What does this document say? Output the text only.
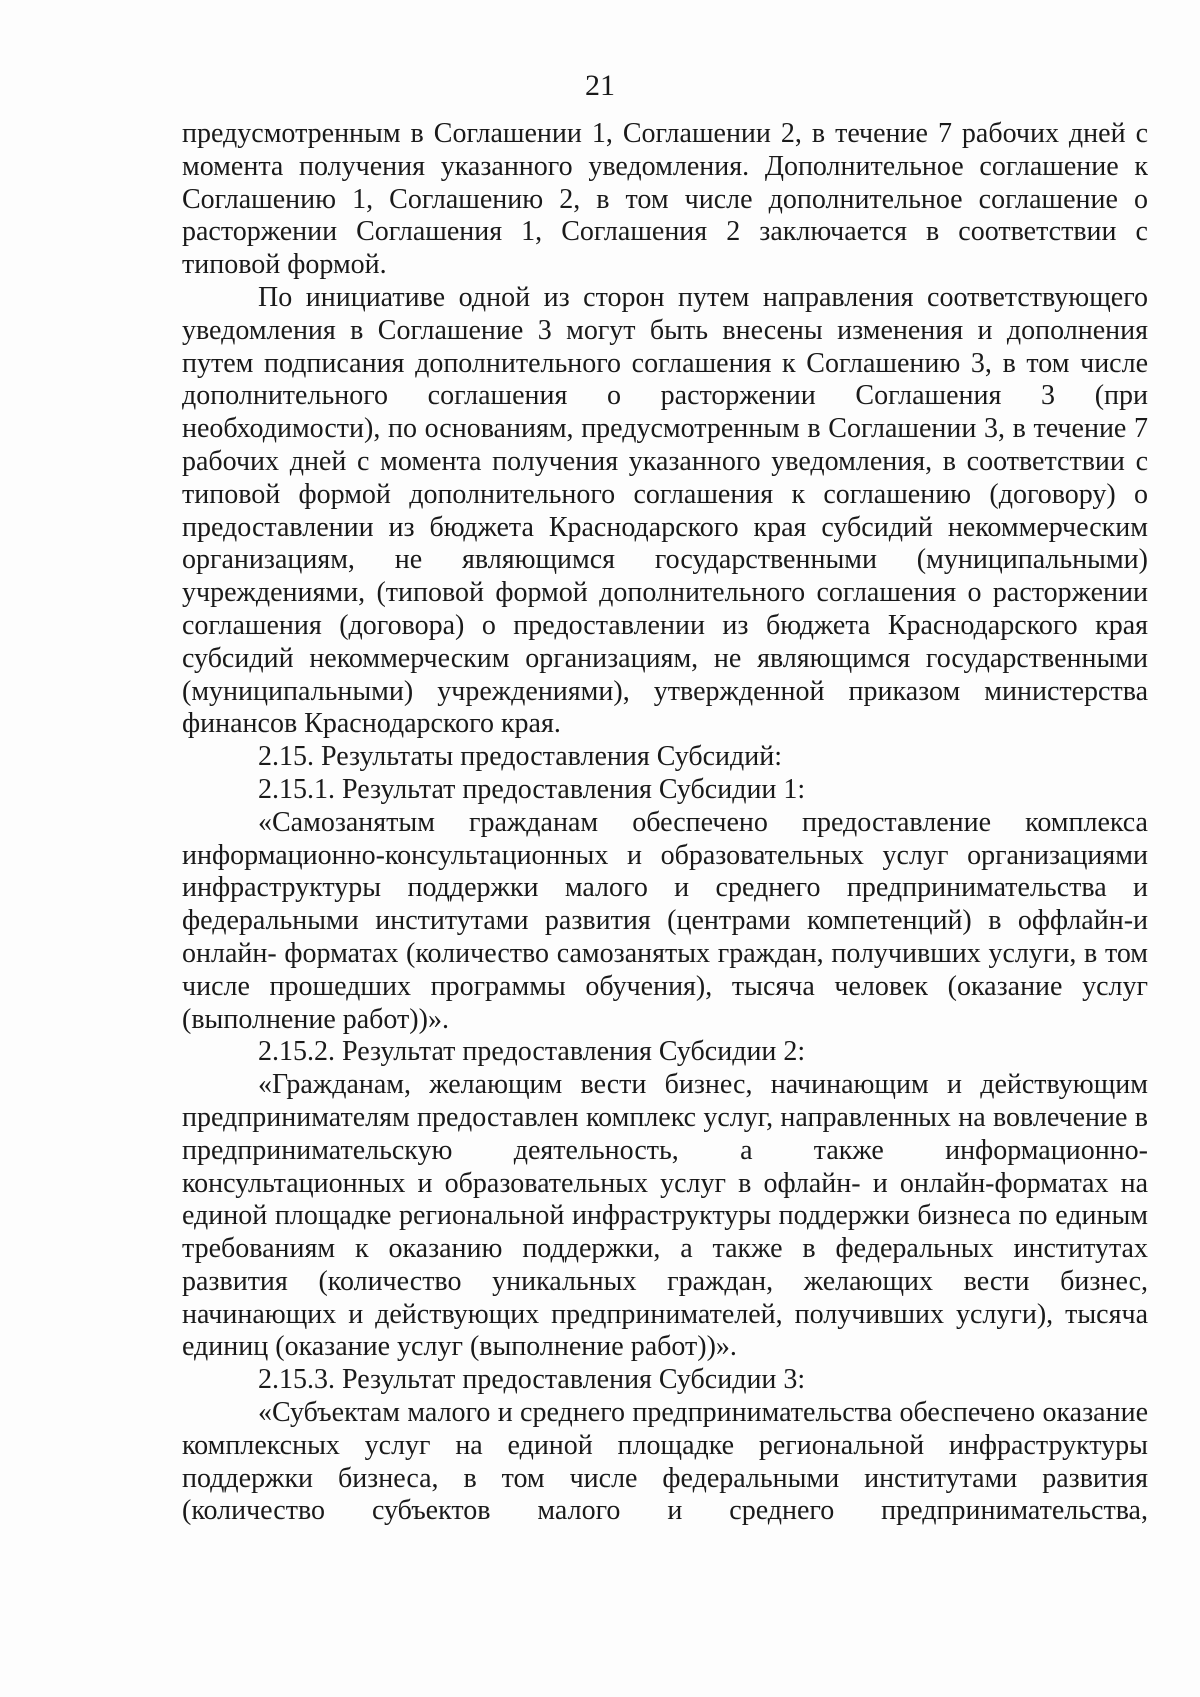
21

предусмотренным в Соглашении 1, Соглашении 2, в течение 7 рабочих дней с момента получения указанного уведомления. Дополнительное соглашение к Соглашению 1, Соглашению 2, в том числе дополнительное соглашение о расторжении Соглашения 1, Соглашения 2 заключается в соответствии с типовой формой.

По инициативе одной из сторон путем направления соответствующего уведомления в Соглашение 3 могут быть внесены изменения и дополнения путем подписания дополнительного соглашения к Соглашению 3, в том числе дополнительного соглашения о расторжении Соглашения 3 (при необходимости), по основаниям, предусмотренным в Соглашении 3, в течение 7 рабочих дней с момента получения указанного уведомления, в соответствии с типовой формой дополнительного соглашения к соглашению (договору) о предоставлении из бюджета Краснодарского края субсидий некоммерческим организациям, не являющимся государственными (муниципальными) учреждениями, (типовой формой дополнительного соглашения о расторжении соглашения (договора) о предоставлении из бюджета Краснодарского края субсидий некоммерческим организациям, не являющимся государственными (муниципальными) учреждениями), утвержденной приказом министерства финансов Краснодарского края.

2.15. Результаты предоставления Субсидий:

2.15.1. Результат предоставления Субсидии 1:

«Самозанятым гражданам обеспечено предоставление комплекса информационно-консультационных и образовательных услуг организациями инфраструктуры поддержки малого и среднего предпринимательства и федеральными институтами развития (центрами компетенций) в оффлайн-и онлайн- форматах (количество самозанятых граждан, получивших услуги, в том числе прошедших программы обучения), тысяча человек (оказание услуг (выполнение работ))».

2.15.2. Результат предоставления Субсидии 2:

«Гражданам, желающим вести бизнес, начинающим и действующим предпринимателям предоставлен комплекс услуг, направленных на вовлечение в предпринимательскую деятельность, а также информационно-консультационных и образовательных услуг в офлайн- и онлайн-форматах на единой площадке региональной инфраструктуры поддержки бизнеса по единым требованиям к оказанию поддержки, а также в федеральных институтах развития (количество уникальных граждан, желающих вести бизнес, начинающих и действующих предпринимателей, получивших услуги), тысяча единиц (оказание услуг (выполнение работ))».

2.15.3. Результат предоставления Субсидии 3:

«Субъектам малого и среднего предпринимательства обеспечено оказание комплексных услуг на единой площадке региональной инфраструктуры поддержки бизнеса, в том числе федеральными институтами развития (количество субъектов малого и среднего предпринимательства,
